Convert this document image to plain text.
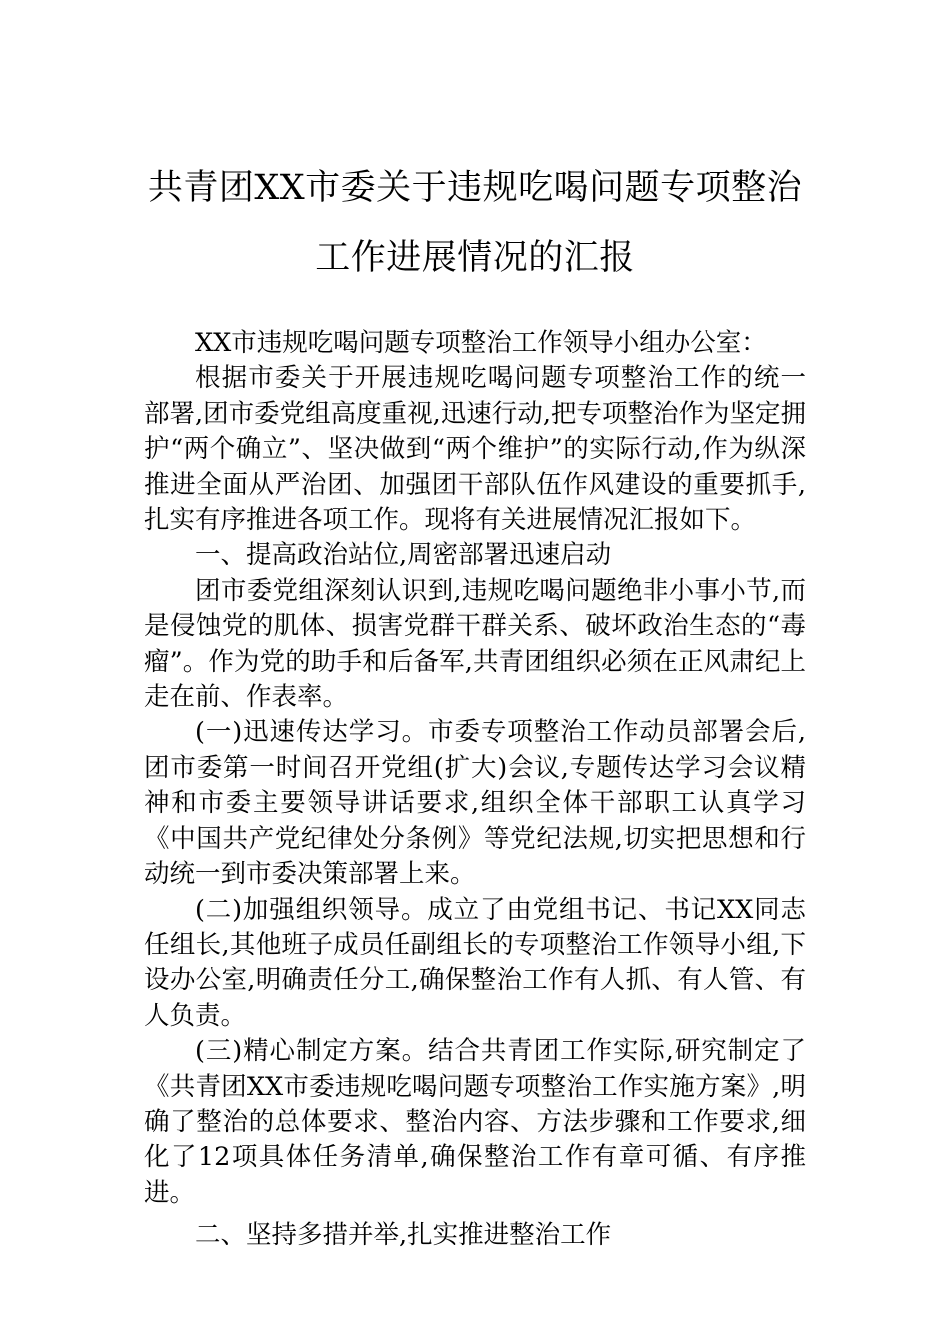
共青团XX市委关于违规吃喝问题专项整治
工作进展情况的汇报

XX市违规吃喝问题专项整治工作领导小组办公室：

根据市委关于开展违规吃喝问题专项整治工作的统一部署,团市委党组高度重视,迅速行动,把专项整治作为坚定拥护“两个确立”、坚决做到“两个维护”的实际行动,作为纵深推进全面从严治团、加强团干部队伍作风建设的重要抓手,扎实有序推进各项工作。现将有关进展情况汇报如下。

一、提高政治站位,周密部署迅速启动

团市委党组深刻认识到,违规吃喝问题绝非小事小节,而是侵蚀党的肌体、损害党群干群关系、破坏政治生态的“毒瘤”。作为党的助手和后备军,共青团组织必须在正风肃纪上走在前、作表率。

(一)迅速传达学习。市委专项整治工作动员部署会后,团市委第一时间召开党组(扩大)会议,专题传达学习会议精神和市委主要领导讲话要求,组织全体干部职工认真学习《中国共产党纪律处分条例》等党纪法规,切实把思想和行动统一到市委决策部署上来。

(二)加强组织领导。成立了由党组书记、书记XX同志任组长,其他班子成员任副组长的专项整治工作领导小组,下设办公室,明确责任分工,确保整治工作有人抓、有人管、有人负责。

(三)精心制定方案。结合共青团工作实际,研究制定了《共青团XX市委违规吃喝问题专项整治工作实施方案》,明确了整治的总体要求、整治内容、方法步骤和工作要求,细化了12项具体任务清单,确保整治工作有章可循、有序推进。

二、坚持多措并举,扎实推进整治工作
